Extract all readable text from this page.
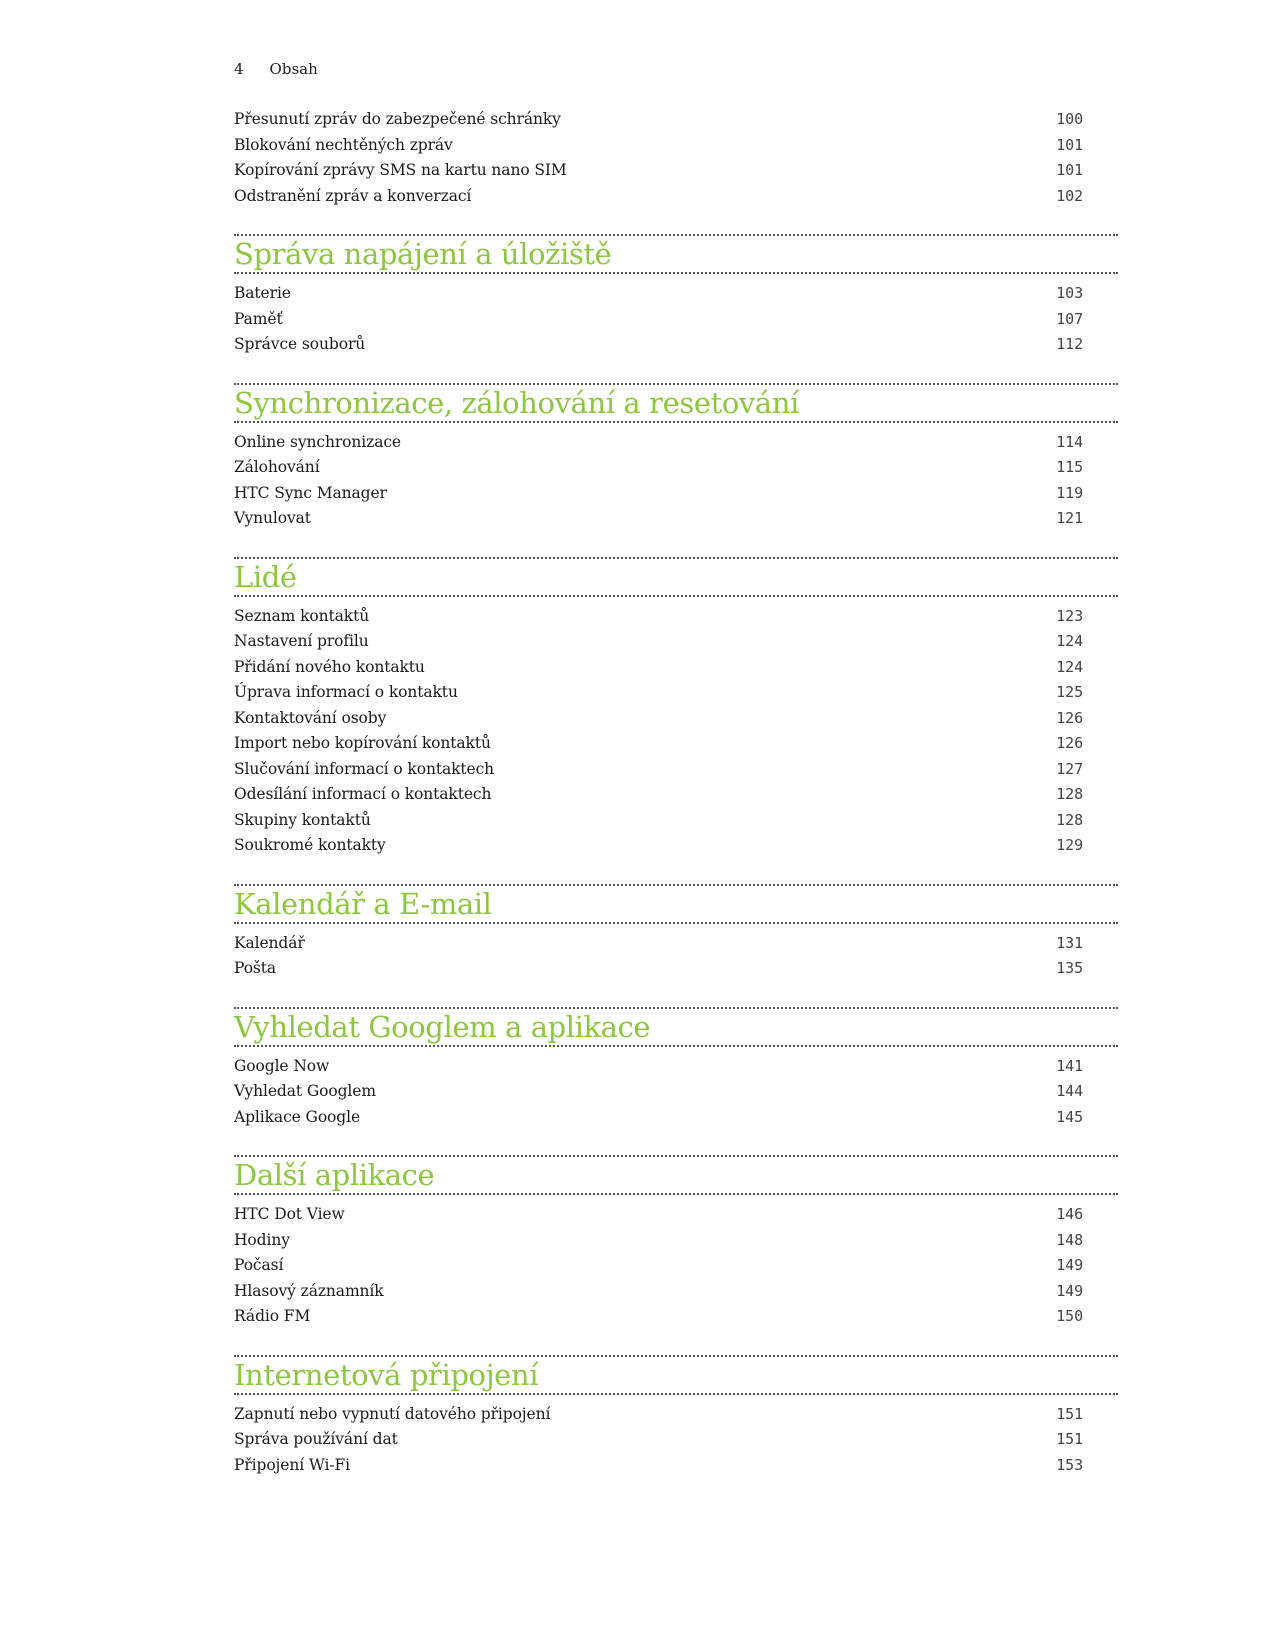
4 Obsah
Přesunutí zpráv do zabezpečené schránky	100
Blokování nechtěných zpráv	101
Kopírování zprávy SMS na kartu nano SIM	101
Odstranění zpráv a konverzací	102
Správa napájení a úložiště
Baterie	103
Paměť	107
Správce souborů	112
Synchronizace, zálohování a resetování
Online synchronizace	114
Zálohování	115
HTC Sync Manager	119
Vynulovat	121
Lidé
Seznam kontaktů	123
Nastavení profilu	124
Přidání nového kontaktu	124
Úprava informací o kontaktu	125
Kontaktování osoby	126
Import nebo kopírování kontaktů	126
Slučování informací o kontaktech	127
Odesílání informací o kontaktech	128
Skupiny kontaktů	128
Soukromé kontakty	129
Kalendář a E-mail
Kalendář	131
Pošta	135
Vyhledat Googlem a aplikace
Google Now	141
Vyhledat Googlem	144
Aplikace Google	145
Další aplikace
HTC Dot View	146
Hodiny	148
Počasí	149
Hlasový záznamník	149
Rádio FM	150
Internetová připojení
Zapnutí nebo vypnutí datového připojení	151
Správa používání dat	151
Připojení Wi-Fi	153
